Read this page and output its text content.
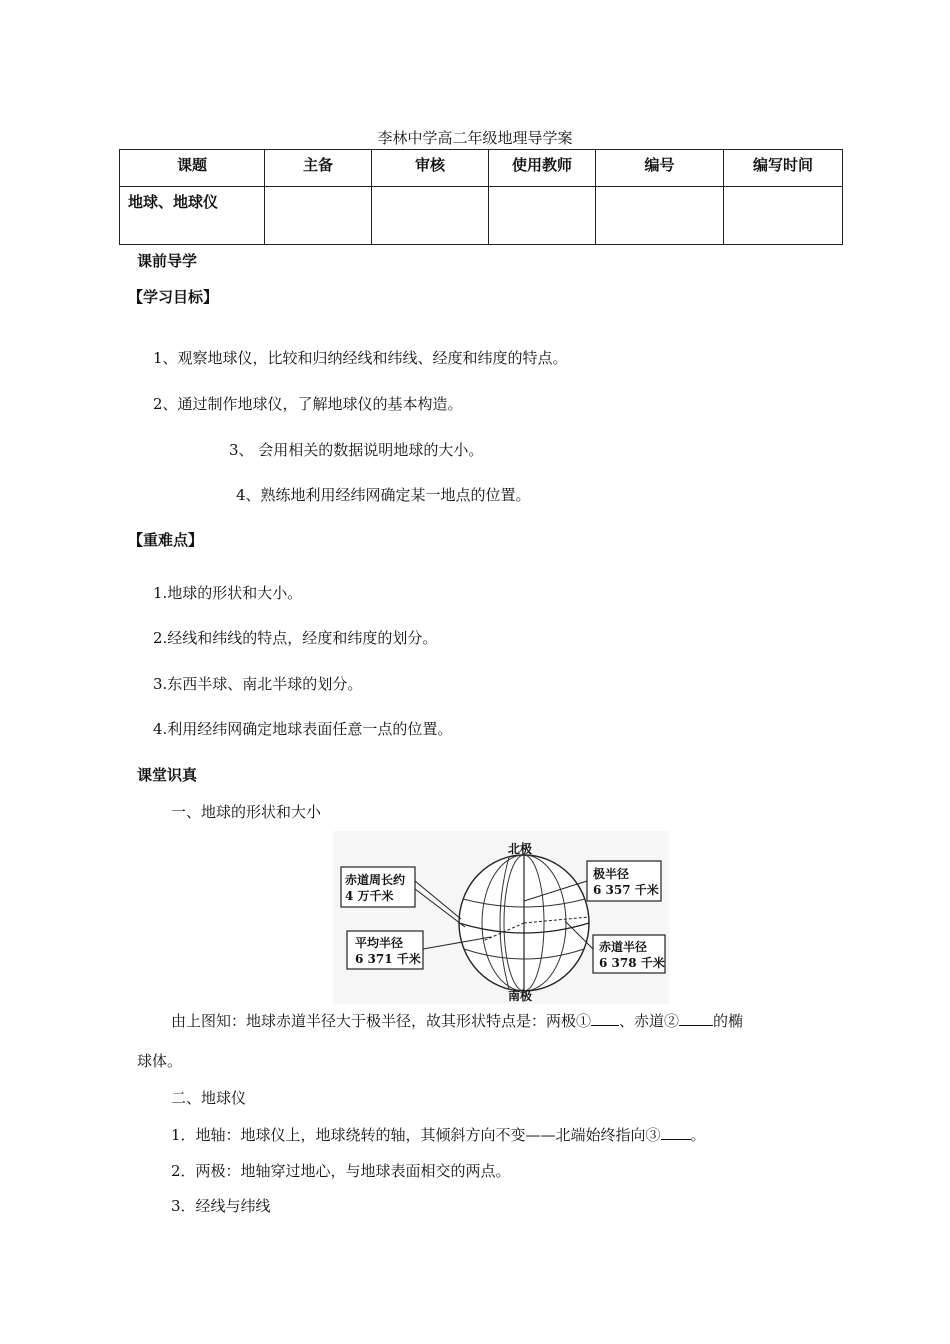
李林中学高二年级地理导学案
课题	主备	审核	使用教师	编号	编写时间
地球、地球仪					
课前导学
【学习目标】
1、观察地球仪，比较和归纳经线和纬线、经度和纬度的特点。
2、通过制作地球仪，了解地球仪的基本构造。
3、 会用相关的数据说明地球的大小。
4、熟练地利用经纬网确定某一地点的位置。
【重难点】
1.地球的形状和大小。
2.经线和纬线的特点，经度和纬度的划分。
3.东西半球、南北半球的划分。
4.利用经纬网确定地球表面任意一点的位置。
课堂识真
一、地球的形状和大小
北极
南极
赤道周长约
4 万千米
极半径
6 357 千米
平均半径
6 371 千米
赤道半径
6 378 千米
由上图知：地球赤道半径大于极半径，故其形状特点是：两极① 、赤道② 的椭
球体。
二、地球仪
1．地轴：地球仪上，地球绕转的轴，其倾斜方向不变——北端始终指向③ 。
2．两极：地轴穿过地心，与地球表面相交的两点。
3．经线与纬线
